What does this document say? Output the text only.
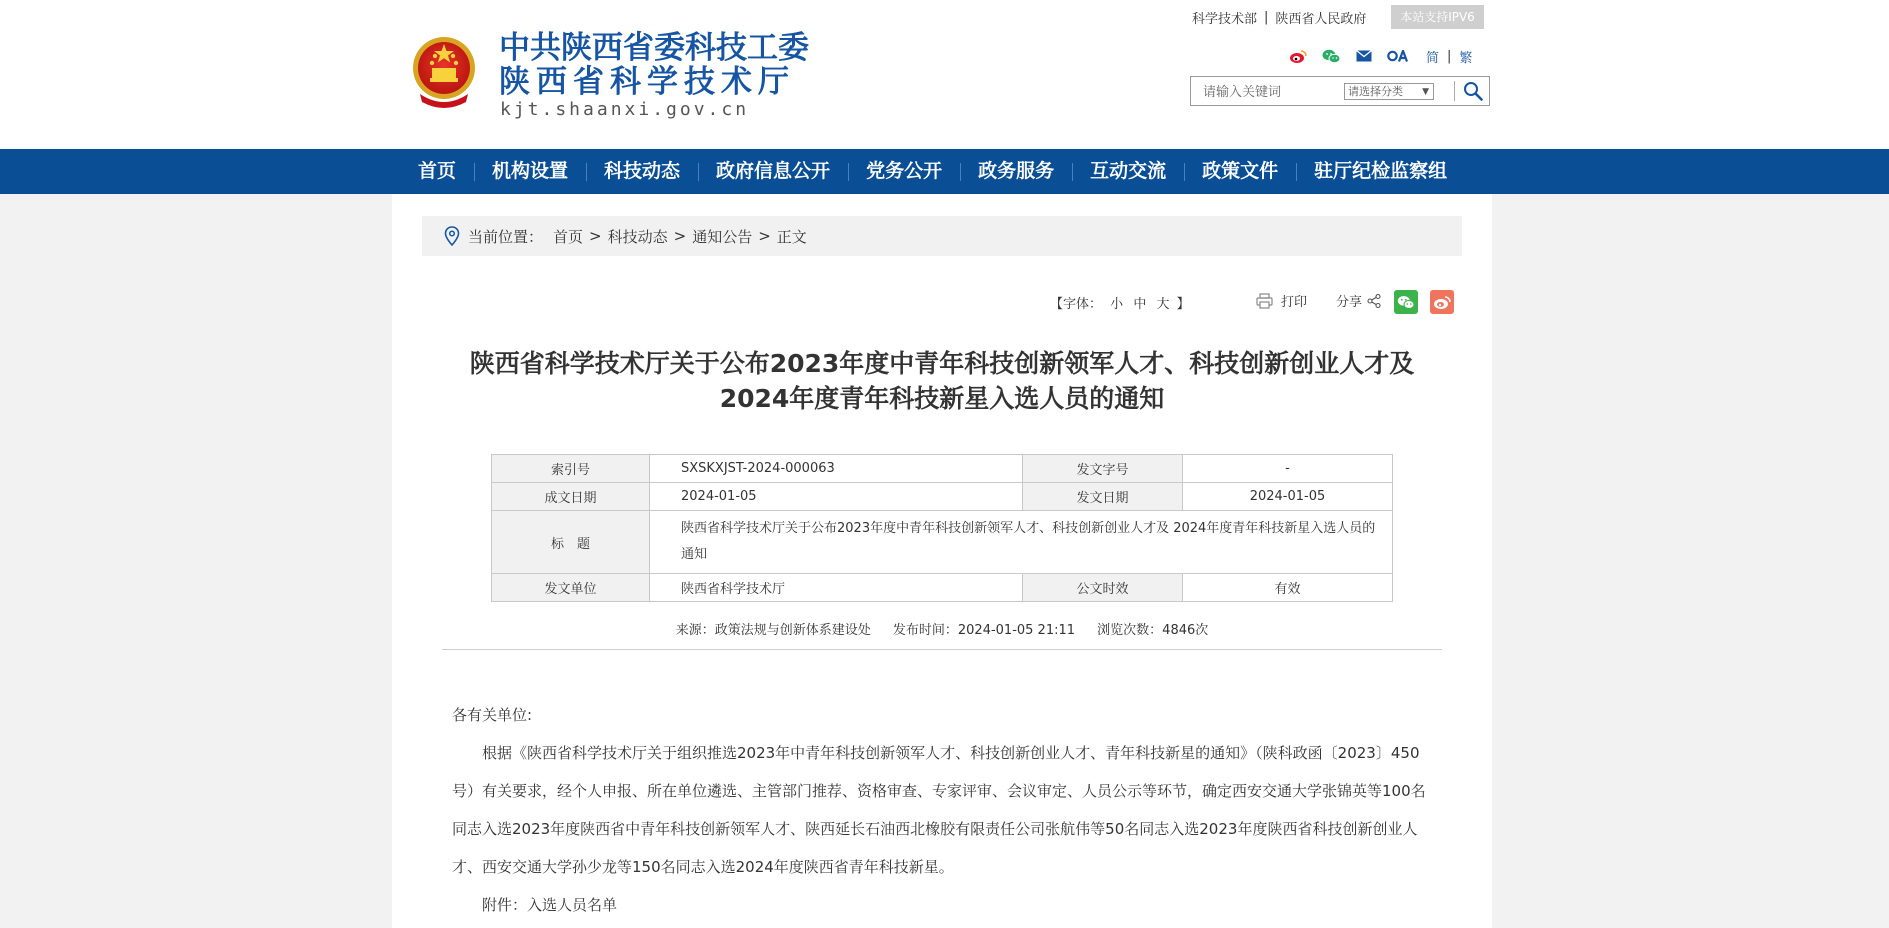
中共陕西省委科技工委
陕西省科学技术厅
kjt.shaanxi.gov.cn
科学技术部 | 陕西省人民政府	本站支持IPV6
简 | 繁
请输入关键词
请选择分类 ▼
首页	机构设置	科技动态	政府信息公开	党务公开	政务服务	互动交流	政策文件	驻厅纪检监察组
当前位置： 首页 > 科技动态 > 通知公告 > 正文
【字体： 小 中 大 】	打印 分享
陕西省科学技术厅关于公布2023年度中青年科技创新领军人才、科技创新创业人才及
2024年度青年科技新星入选人员的通知
索引号	SXSKXJST-2024-000063	发文字号	-
成文日期	2024-01-05	发文日期	2024-01-05
标　题	陕西省科学技术厅关于公布2023年度中青年科技创新领军人才、科技创新创业人才及 2024年度青年科技新星入选人员的通知		
发文单位	陕西省科学技术厅	公文时效	有效
来源：政策法规与创新体系建设处 发布时间：2024-01-05 21:11 浏览次数：4846次

各有关单位:

根据《陕西省科学技术厅关于组织推选2023年中青年科技创新领军人才、科技创新创业人才、青年科技新星的通知》（陕科政函〔2023〕450号）有关要求，经个人申报、所在单位遴选、主管部门推荐、资格审查、专家评审、会议审定、人员公示等环节，确定西安交通大学张锦英等100名同志入选2023年度陕西省中青年科技创新领军人才、陕西延长石油西北橡胶有限责任公司张航伟等50名同志入选2023年度陕西省科技创新创业人才、西安交通大学孙少龙等150名同志入选2024年度陕西省青年科技新星。

附件：入选人员名单
